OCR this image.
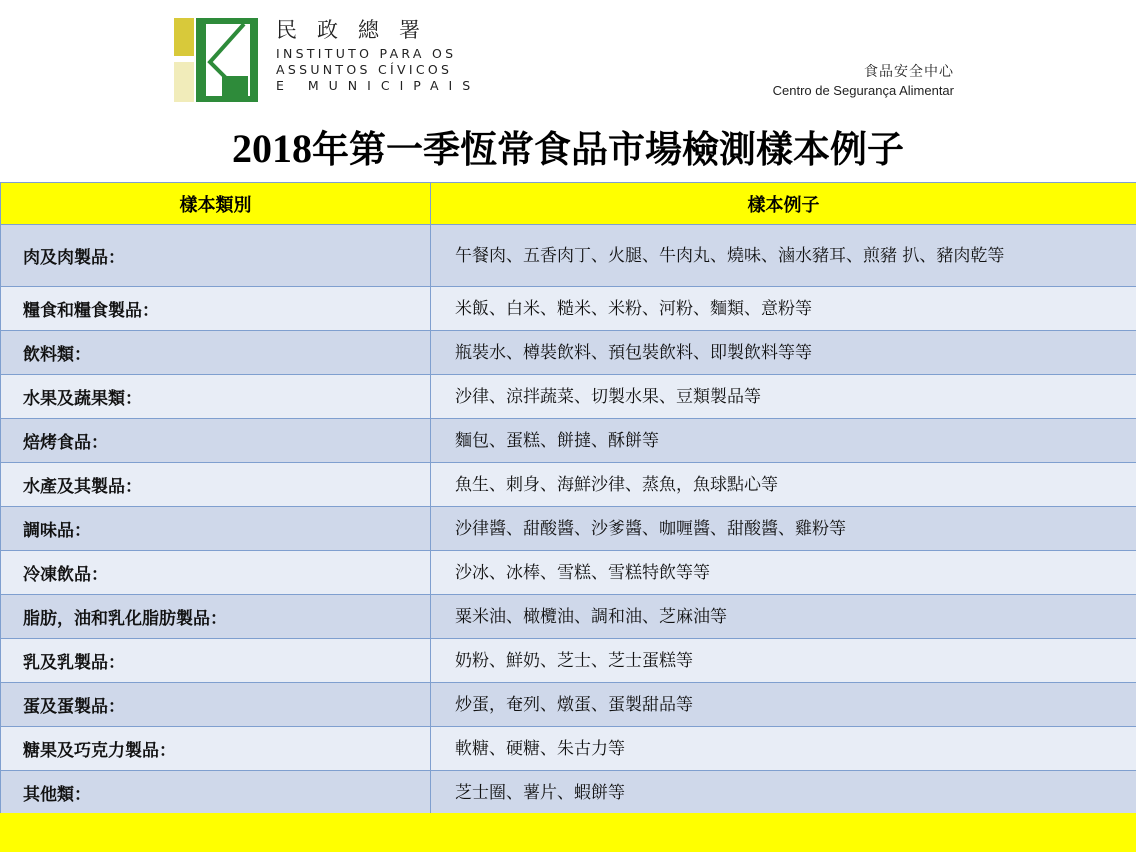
民政總署
INSTITUTO PARA OS
ASSUNTOS CÍVICOS
E MUNICIPAIS
食品安全中心
Centro de Segurança Alimentar
2018年第一季恆常食品市場檢測樣本例子
樣本類別	樣本例子
肉及肉製品：	午餐肉、五香肉丁、火腿、牛肉丸、燒味、滷水豬耳、煎豬 扒、豬肉乾等
糧食和糧食製品：	米飯、白米、糙米、米粉、河粉、麵類、意粉等
飲料類：	瓶裝水、樽裝飲料、預包裝飲料、即製飲料等等
水果及蔬果類：	沙律、涼拌蔬菜、切製水果、豆類製品等
焙烤食品：	麵包、蛋糕、餅撻、酥餅等
水產及其製品：	魚生、刺身、海鮮沙律、蒸魚，魚球點心等
調味品：	沙律醬、甜酸醬、沙爹醬、咖喱醬、甜酸醬、雞粉等
冷凍飲品：	沙冰、冰棒、雪糕、雪糕特飲等等
脂肪，油和乳化脂肪製品：	粟米油、橄欖油、調和油、芝麻油等
乳及乳製品：	奶粉、鮮奶、芝士、芝士蛋糕等
蛋及蛋製品：	炒蛋，奄列、燉蛋、蛋製甜品等
糖果及巧克力製品：	軟糖、硬糖、朱古力等
其他類：	芝士圈、薯片、蝦餅等
